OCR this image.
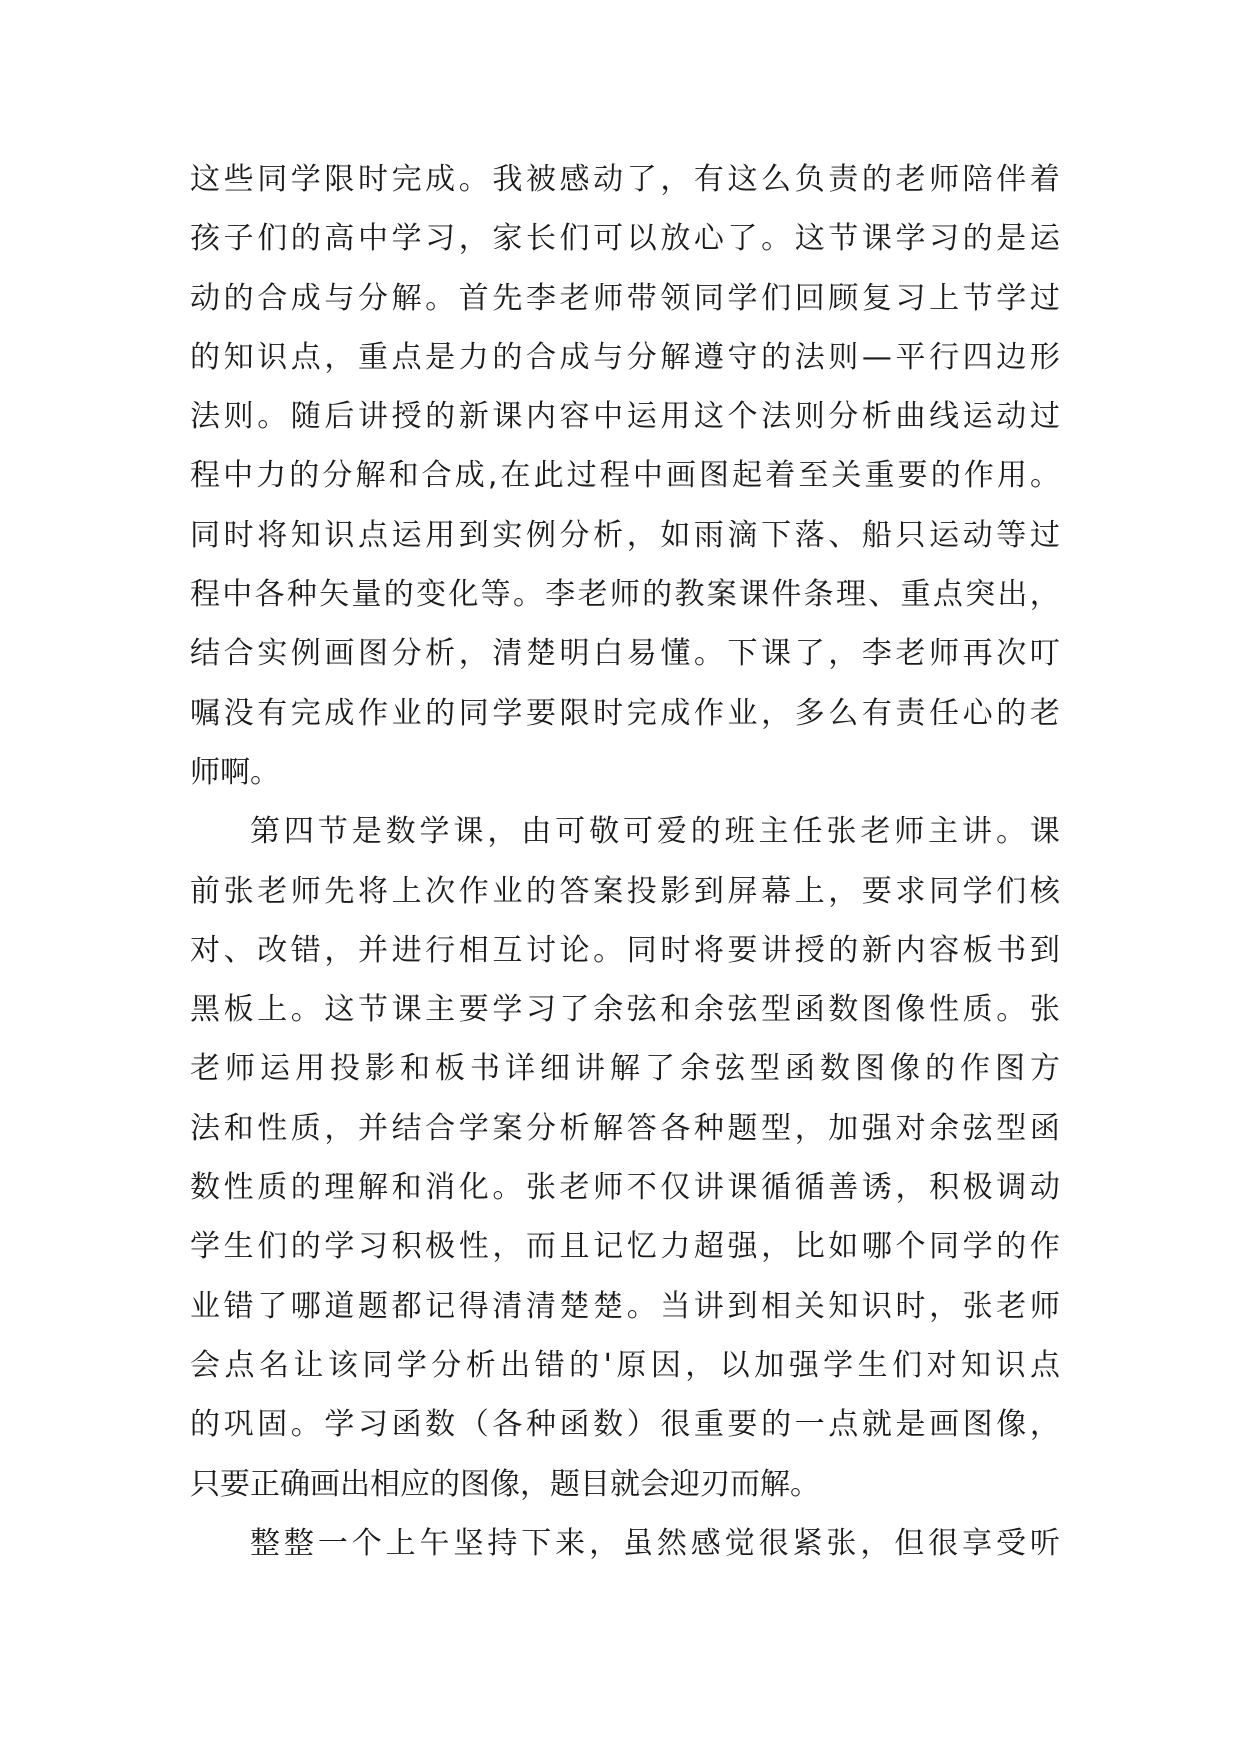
这 些 同 学 限 时 完 成 。 我 被 感 动 了 ， 有 这 么 负 责 的 老 师 陪 伴 着
孩 子 们 的 高 中 学 习 ， 家 长 们 可 以 放 心 了 。 这 节 课 学 习 的 是 运
动 的 合 成 与 分 解 。 首 先 李 老 师 带 领 同 学 们 回 顾 复 习 上 节 学 过
的 知 识 点 ， 重 点 是 力 的 合 成 与 分 解 遵 守 的 法 则 — 平 行 四 边 形
法 则 。 随 后 讲 授 的 新 课 内 容 中 运 用 这 个 法 则 分 析 曲 线 运 动 过
程 中 力 的 分 解 和 合 成 , 在 此 过 程 中 画 图 起 着 至 关 重 要 的 作 用 。
同 时 将 知 识 点 运 用 到 实 例 分 析 ， 如 雨 滴 下 落 、 船 只 运 动 等 过
程 中 各 种 矢 量 的 变 化 等 。 李 老 师 的 教 案 课 件 条 理 、 重 点 突 出 ，
结 合 实 例 画 图 分 析 ， 清 楚 明 白 易 懂 。 下 课 了 ， 李 老 师 再 次 叮
嘱 没 有 完 成 作 业 的 同 学 要 限 时 完 成 作 业 ， 多 么 有 责 任 心 的 老
师啊。
第 四 节 是 数 学 课 ， 由 可 敬 可 爱 的 班 主 任 张 老 师 主 讲 。 课
前 张 老 师 先 将 上 次 作 业 的 答 案 投 影 到 屏 幕 上 ， 要 求 同 学 们 核
对 、 改 错 ， 并 进 行 相 互 讨 论 。 同 时 将 要 讲 授 的 新 内 容 板 书 到
黑 板 上 。 这 节 课 主 要 学 习 了 余 弦 和 余 弦 型 函 数 图 像 性 质 。 张
老 师 运 用 投 影 和 板 书 详 细 讲 解 了 余 弦 型 函 数 图 像 的 作 图 方
法 和 性 质 ， 并 结 合 学 案 分 析 解 答 各 种 题 型 ， 加 强 对 余 弦 型 函
数 性 质 的 理 解 和 消 化 。 张 老 师 不 仅 讲 课 循 循 善 诱 ， 积 极 调 动
学 生 们 的 学 习 积 极 性 ， 而 且 记 忆 力 超 强 ， 比 如 哪 个 同 学 的 作
业 错 了 哪 道 题 都 记 得 清 清 楚 楚 。 当 讲 到 相 关 知 识 时 ， 张 老 师
会 点 名 让 该 同 学 分 析 出 错 的 ' 原 因 ， 以 加 强 学 生 们 对 知 识 点
的 巩 固 。 学 习 函 数 （ 各 种 函 数 ） 很 重 要 的 一 点 就 是 画 图 像 ，
只要正确画出相应的图像，题目就会迎刃而解。
整 整 一 个 上 午 坚 持 下 来 ， 虽 然 感 觉 很 紧 张 ， 但 很 享 受 听
